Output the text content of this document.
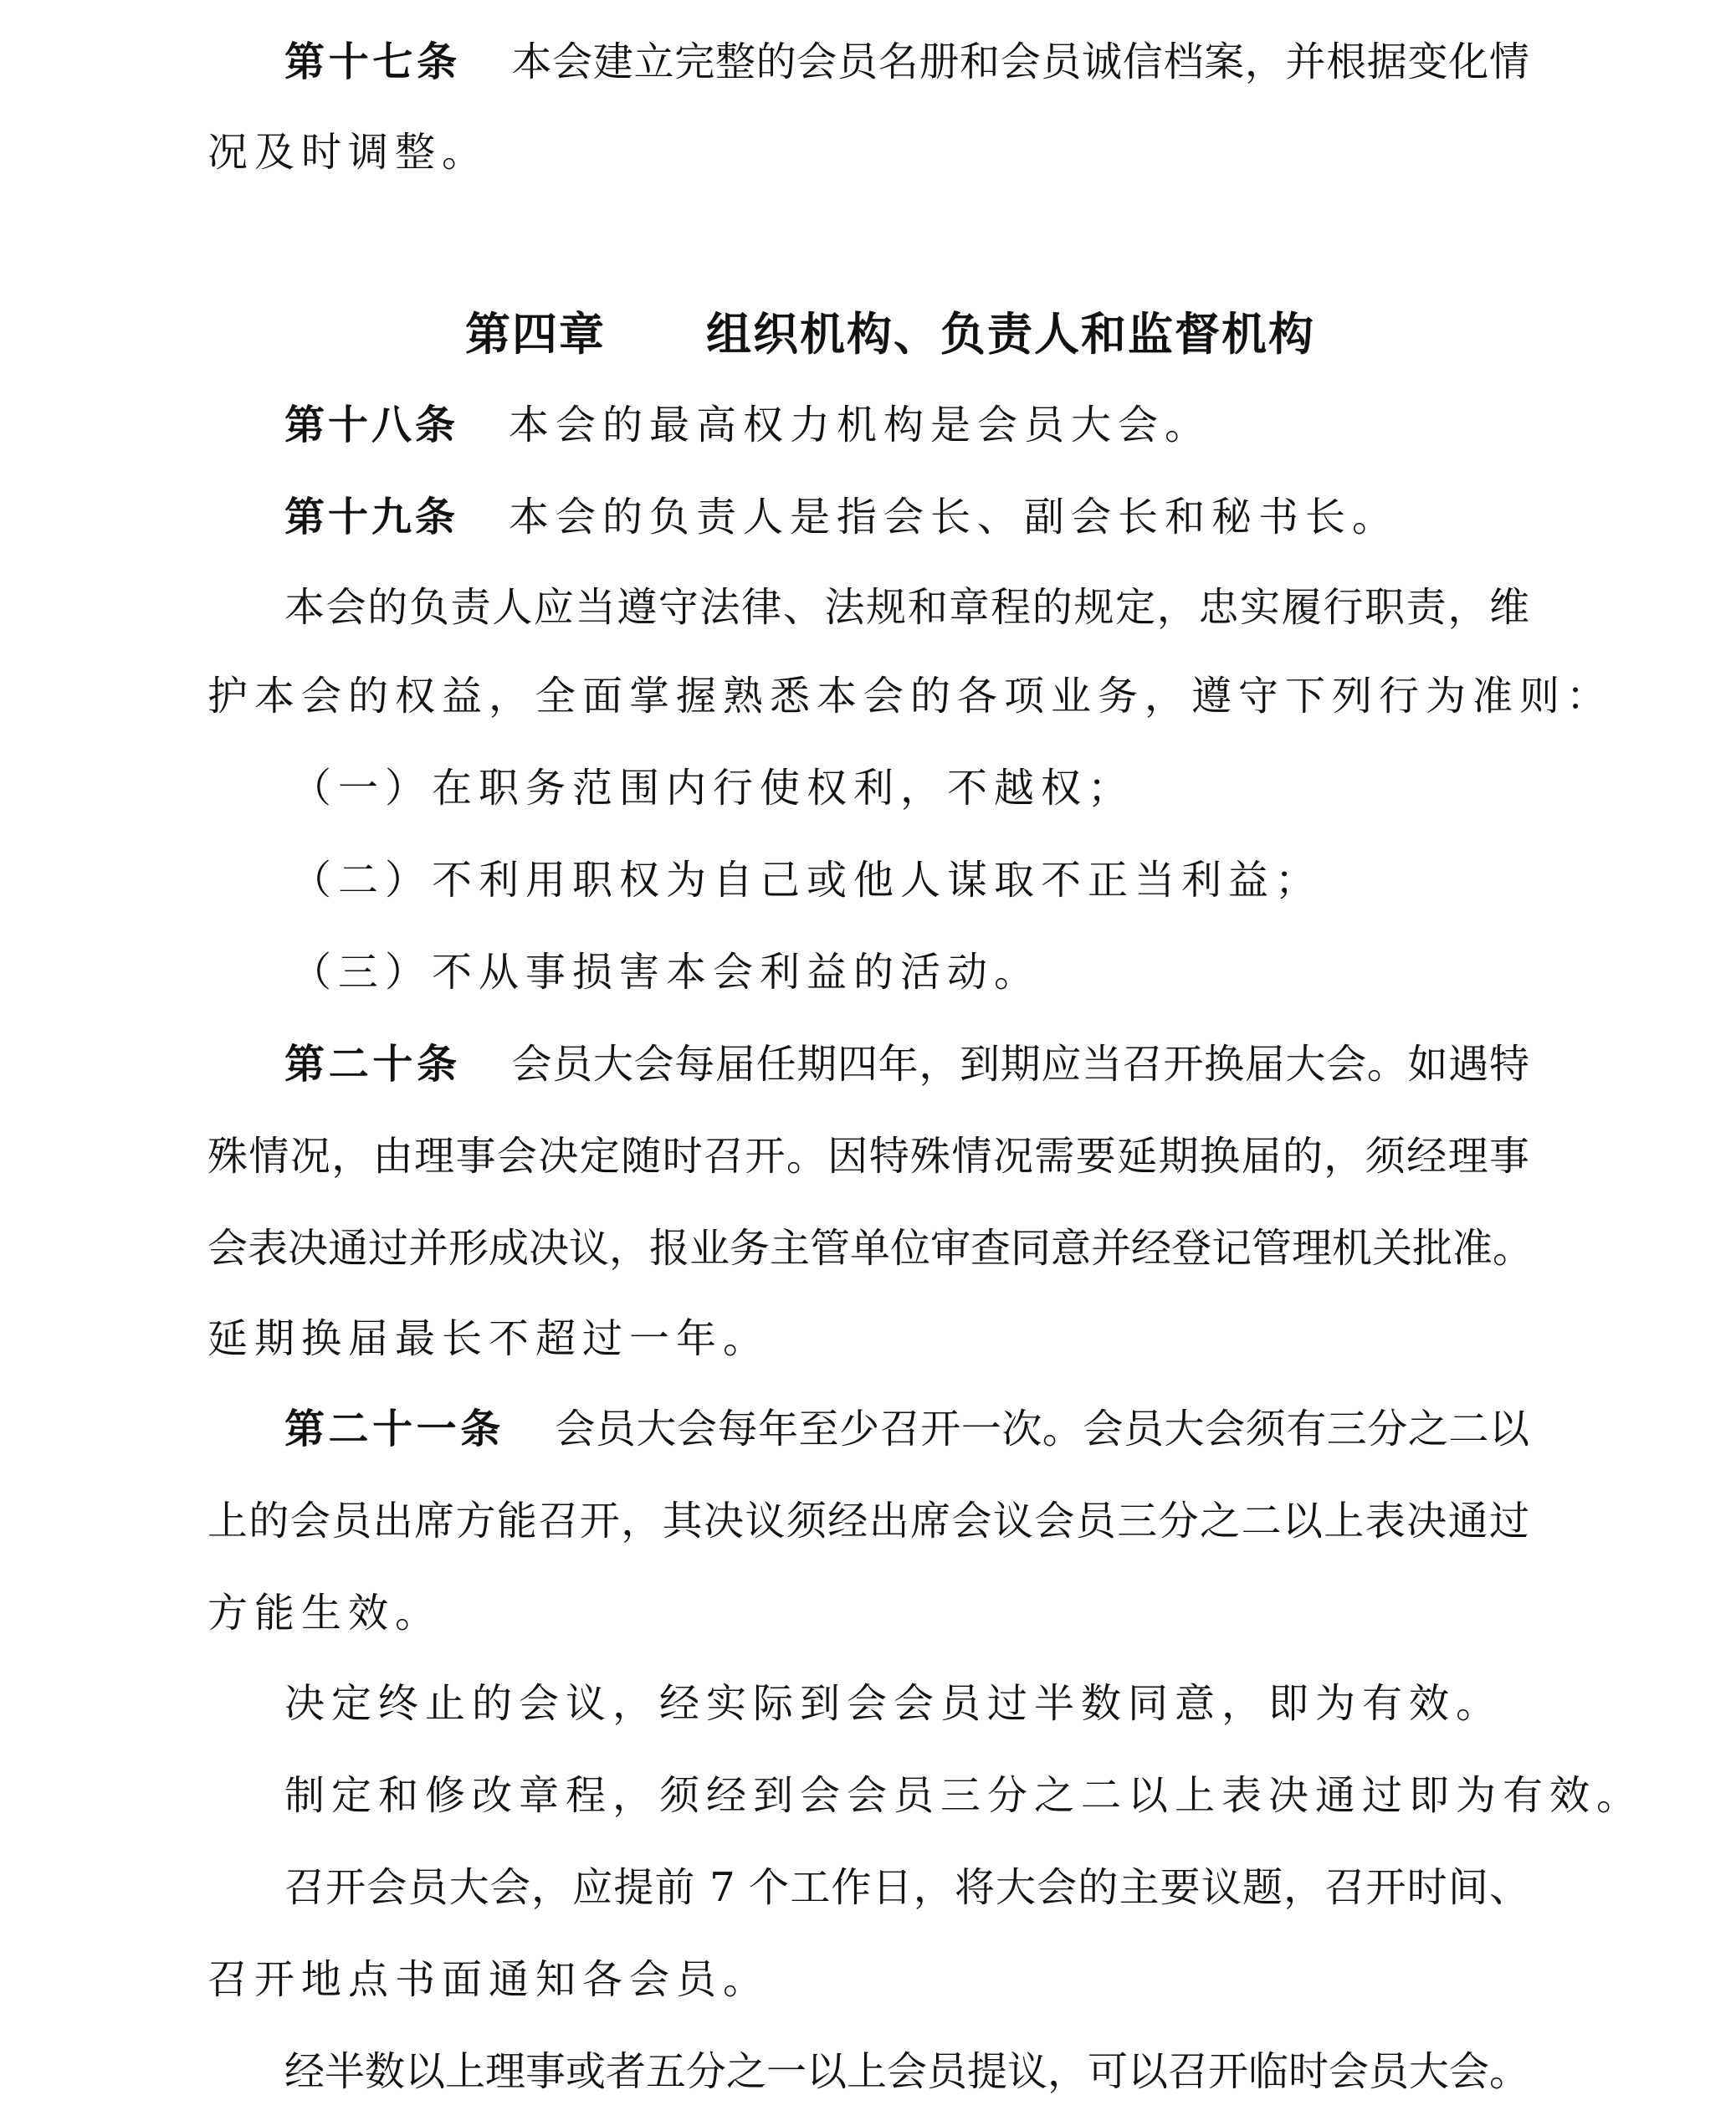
第十七条 本会建立完整的会员名册和会员诚信档案，并根据变化情
况及时调整。
第四章 组织机构、负责人和监督机构
第十八条 本会的最高权力机构是会员大会。
第十九条 本会的负责人是指会长、副会长和秘书长。
本会的负责人应当遵守法律、法规和章程的规定，忠实履行职责，维
护本会的权益，全面掌握熟悉本会的各项业务，遵守下列行为准则：
（一）在职务范围内行使权利，不越权；
（二）不利用职权为自己或他人谋取不正当利益；
（三）不从事损害本会利益的活动。
第二十条 会员大会每届任期四年，到期应当召开换届大会。如遇特
殊情况，由理事会决定随时召开。因特殊情况需要延期换届的，须经理事
会表决通过并形成决议，报业务主管单位审查同意并经登记管理机关批准。
延期换届最长不超过一年。
第二十一条 会员大会每年至少召开一次。会员大会须有三分之二以
上的会员出席方能召开，其决议须经出席会议会员三分之二以上表决通过
方能生效。
决定终止的会议，经实际到会会员过半数同意，即为有效。
制定和修改章程，须经到会会员三分之二以上表决通过即为有效。
召开会员大会，应提前 7 个工作日，将大会的主要议题，召开时间、
召开地点书面通知各会员。
经半数以上理事或者五分之一以上会员提议，可以召开临时会员大会。
